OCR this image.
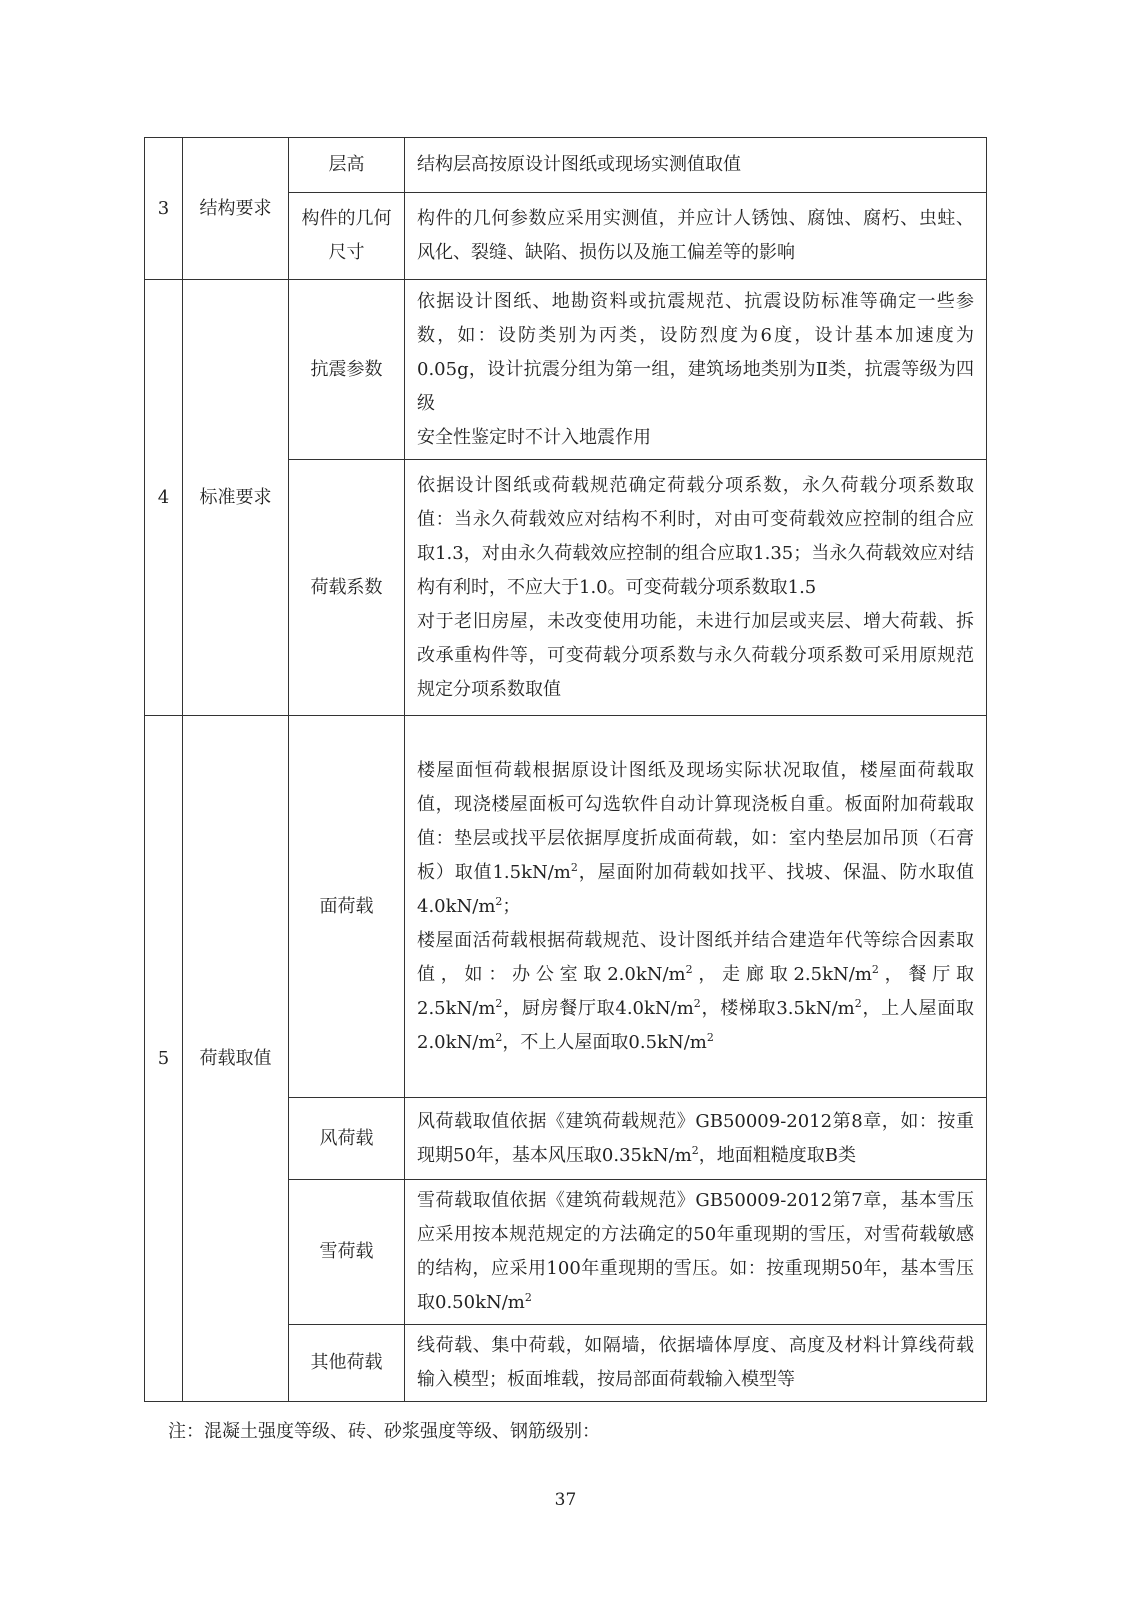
3	结构要求	层高	结构层高按原设计图纸或现场实测值取值

		构件的几何尺寸	构件的几何参数应采用实测值，并应计人锈蚀、腐蚀、腐朽、虫蛀、风化、裂缝、缺陷、损伤以及施工偏差等的影响

4	标准要求	抗震参数	依据设计图纸、地勘资料或抗震规范、抗震设防标准等确定一些参数，如：设防类别为丙类，设防烈度为6度，设计基本加速度为0.05g，设计抗震分组为第一组，建筑场地类别为Ⅱ类，抗震等级为四级
安全性鉴定时不计入地震作用

		荷载系数	依据设计图纸或荷载规范确定荷载分项系数，永久荷载分项系数取值：当永久荷载效应对结构不利时，对由可变荷载效应控制的组合应取1.3，对由永久荷载效应控制的组合应取1.35；当永久荷载效应对结构有利时，不应大于1.0。可变荷载分项系数取1.5
对于老旧房屋，未改变使用功能，未进行加层或夹层、增大荷载、拆改承重构件等，可变荷载分项系数与永久荷载分项系数可采用原规范规定分项系数取值

5	荷载取值	面荷载	楼屋面恒荷载根据原设计图纸及现场实际状况取值，楼屋面荷载取值，现浇楼屋面板可勾选软件自动计算现浇板自重。板面附加荷载取值：垫层或找平层依据厚度折成面荷载，如：室内垫层加吊顶（石膏板）取值$1.5kN/m^2$，屋面附加荷载如找平、找坡、保温、防水取值$4.0kN/m^2$；
楼屋面活荷载根据荷载规范、设计图纸并结合建造年代等综合因素取值，如：办公室取$2.0kN/m^2$，走廊取$2.5kN/m^2$，餐厅取$2.5kN/m^2$，厨房餐厅取$4.0kN/m^2$，楼梯取$3.5kN/m^2$，上人屋面取$2.0kN/m^2$，不上人屋面取$0.5kN/m^2$

		风荷载	风荷载取值依据《建筑荷载规范》GB50009-2012第8章，如：按重现期50年，基本风压取$0.35kN/m^2$，地面粗糙度取B类

		雪荷载	雪荷载取值依据《建筑荷载规范》GB50009-2012第7章，基本雪压应采用按本规范规定的方法确定的50年重现期的雪压，对雪荷载敏感的结构，应采用100年重现期的雪压。如：按重现期50年，基本雪压取$0.50kN/m^2$

		其他荷载	线荷载、集中荷载，如隔墙，依据墙体厚度、高度及材料计算线荷载输入模型；板面堆载，按局部面荷载输入模型等
注：混凝土强度等级、砖、砂浆强度等级、钢筋级别：
37
